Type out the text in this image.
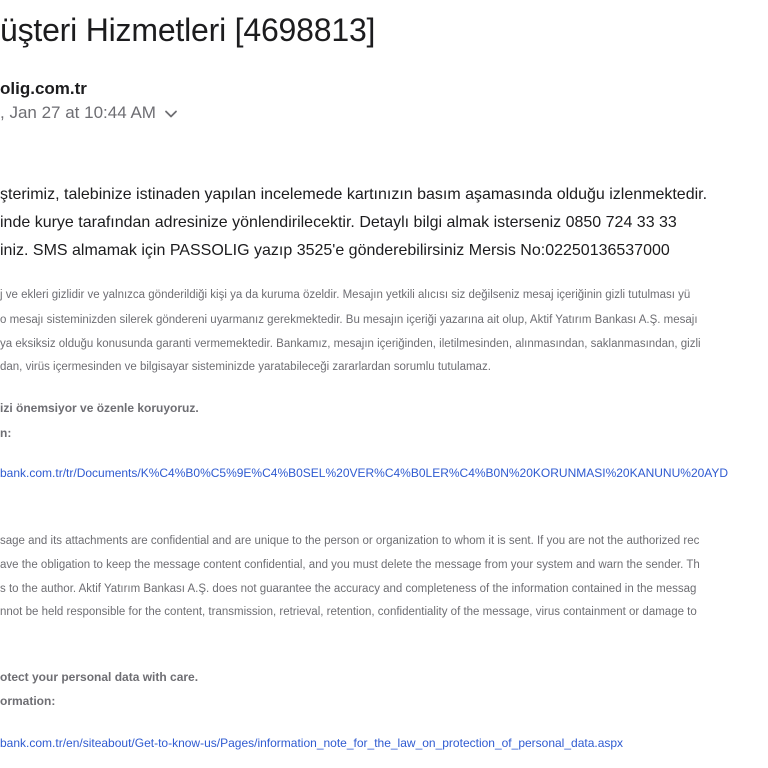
üşteri Hizmetleri [4698813]
olig.com.tr
, Jan 27 at 10:44 AM
şterimiz, talebinize istinaden yapılan incelemede kartınızın basım aşamasında olduğu izlenmektedir.
inde kurye tarafından adresinize yönlendirilecektir. Detaylı bilgi almak isterseniz 0850 724 33 33
iniz. SMS almamak için PASSOLIG yazıp 3525'e gönderebilirsiniz Mersis No:02250136537000
j ve ekleri gizlidir ve yalnızca gönderildiği kişi ya da kuruma özeldir. Mesajın yetkili alıcısı siz değilseniz mesaj içeriğinin gizli tutulması yü
o mesajı sisteminizden silerek göndereni uyarmanız gerekmektedir. Bu mesajın içeriği yazarına ait olup, Aktif Yatırım Bankası A.Ş. mesajı
ya eksiksiz olduğu konusunda garanti vermemektedir. Bankamız, mesajın içeriğinden, iletilmesinden, alınmasından, saklanmasından, gizli
dan, virüs içermesinden ve bilgisayar sisteminizde yaratabileceği zararlardan sorumlu tutulamaz.
izi önemsiyor ve özenle koruyoruz.
n:
bank.com.tr/tr/Documents/K%C4%B0%C5%9E%C4%B0SEL%20VER%C4%B0LER%C4%B0N%20KORUNMASI%20KANUNU%20AYD
sage and its attachments are confidential and are unique to the person or organization to whom it is sent. If you are not the authorized rec
ave the obligation to keep the message content confidential, and you must delete the message from your system and warn the sender. Th
s to the author. Aktif Yatırım Bankası A.Ş. does not guarantee the accuracy and completeness of the information contained in the messag
nnot be held responsible for the content, transmission, retrieval, retention, confidentiality of the message, virus containment or damage to
otect your personal data with care.
ormation:
bank.com.tr/en/siteabout/Get-to-know-us/Pages/information_note_for_the_law_on_protection_of_personal_data.aspx
